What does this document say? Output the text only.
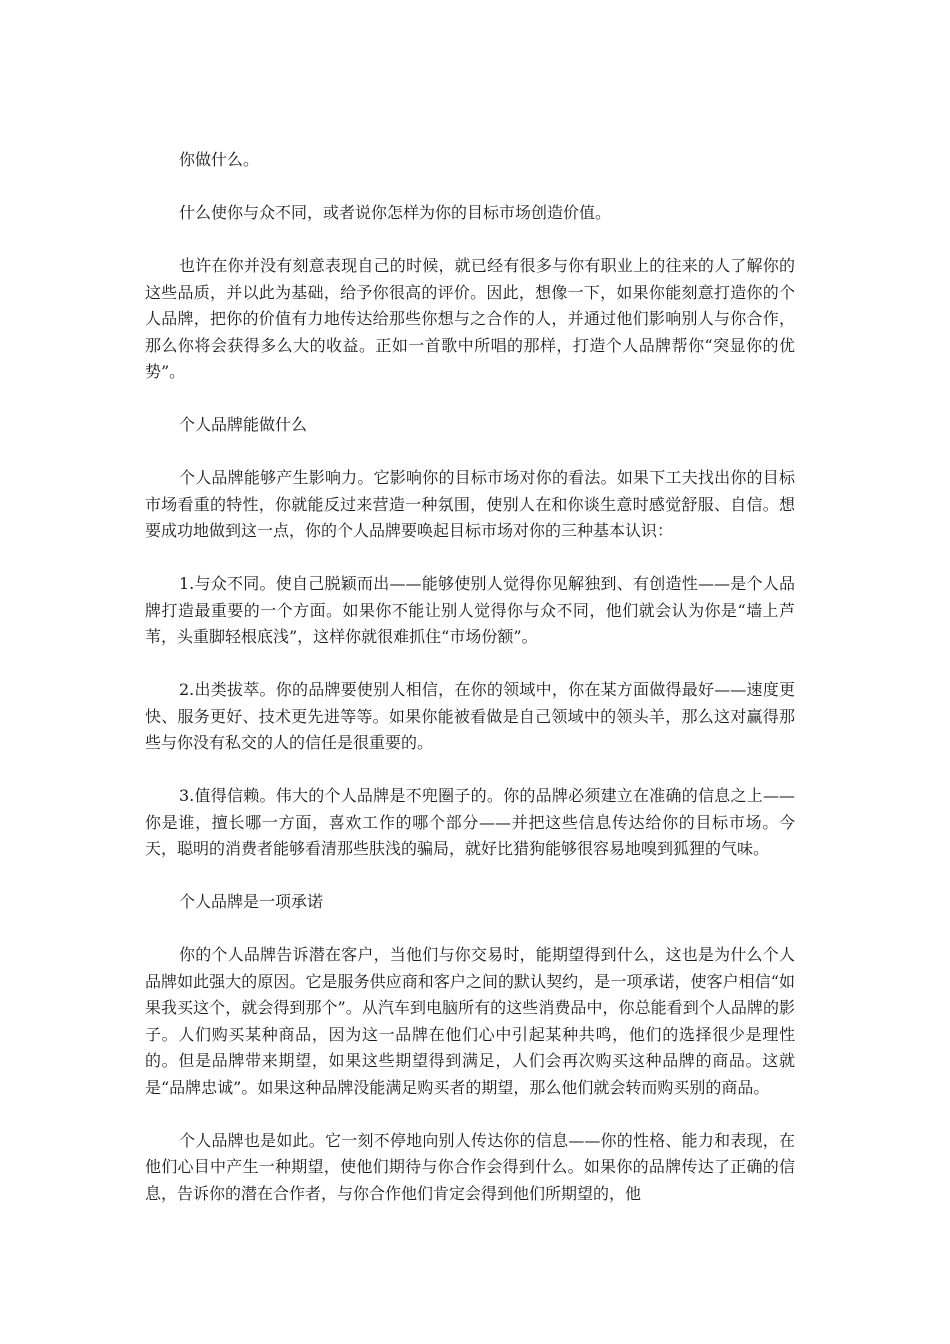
你做什么。

什么使你与众不同，或者说你怎样为你的目标市场创造价值。

也许在你并没有刻意表现自己的时候，就已经有很多与你有职业上的往来的人了解你的这些品质，并以此为基础，给予你很高的评价。因此，想像一下，如果你能刻意打造你的个人品牌，把你的价值有力地传达给那些你想与之合作的人，并通过他们影响别人与你合作，那么你将会获得多么大的收益。正如一首歌中所唱的那样，打造个人品牌帮你“突显你的优势”。

个人品牌能做什么

个人品牌能够产生影响力。它影响你的目标市场对你的看法。如果下工夫找出你的目标市场看重的特性，你就能反过来营造一种氛围，使别人在和你谈生意时感觉舒服、自信。想要成功地做到这一点，你的个人品牌要唤起目标市场对你的三种基本认识：

1.与众不同。使自己脱颖而出——能够使别人觉得你见解独到、有创造性——是个人品牌打造最重要的一个方面。如果你不能让别人觉得你与众不同，他们就会认为你是“墙上芦苇，头重脚轻根底浅”，这样你就很难抓住“市场份额”。

2.出类拔萃。你的品牌要使别人相信，在你的领域中，你在某方面做得最好——速度更快、服务更好、技术更先进等等。如果你能被看做是自己领域中的领头羊，那么这对赢得那些与你没有私交的人的信任是很重要的。

3.值得信赖。伟大的个人品牌是不兜圈子的。你的品牌必须建立在准确的信息之上——你是谁，擅长哪一方面，喜欢工作的哪个部分——并把这些信息传达给你的目标市场。今天，聪明的消费者能够看清那些肤浅的骗局，就好比猎狗能够很容易地嗅到狐狸的气味。

个人品牌是一项承诺

你的个人品牌告诉潜在客户，当他们与你交易时，能期望得到什么，这也是为什么个人品牌如此强大的原因。它是服务供应商和客户之间的默认契约，是一项承诺，使客户相信“如果我买这个，就会得到那个”。从汽车到电脑所有的这些消费品中，你总能看到个人品牌的影子。人们购买某种商品，因为这一品牌在他们心中引起某种共鸣，他们的选择很少是理性的。但是品牌带来期望，如果这些期望得到满足，人们会再次购买这种品牌的商品。这就是“品牌忠诚”。如果这种品牌没能满足购买者的期望，那么他们就会转而购买别的商品。

个人品牌也是如此。它一刻不停地向别人传达你的信息——你的性格、能力和表现，在他们心目中产生一种期望，使他们期待与你合作会得到什么。如果你的品牌传达了正确的信息，告诉你的潜在合作者，与你合作他们肯定会得到他们所期望的，他
